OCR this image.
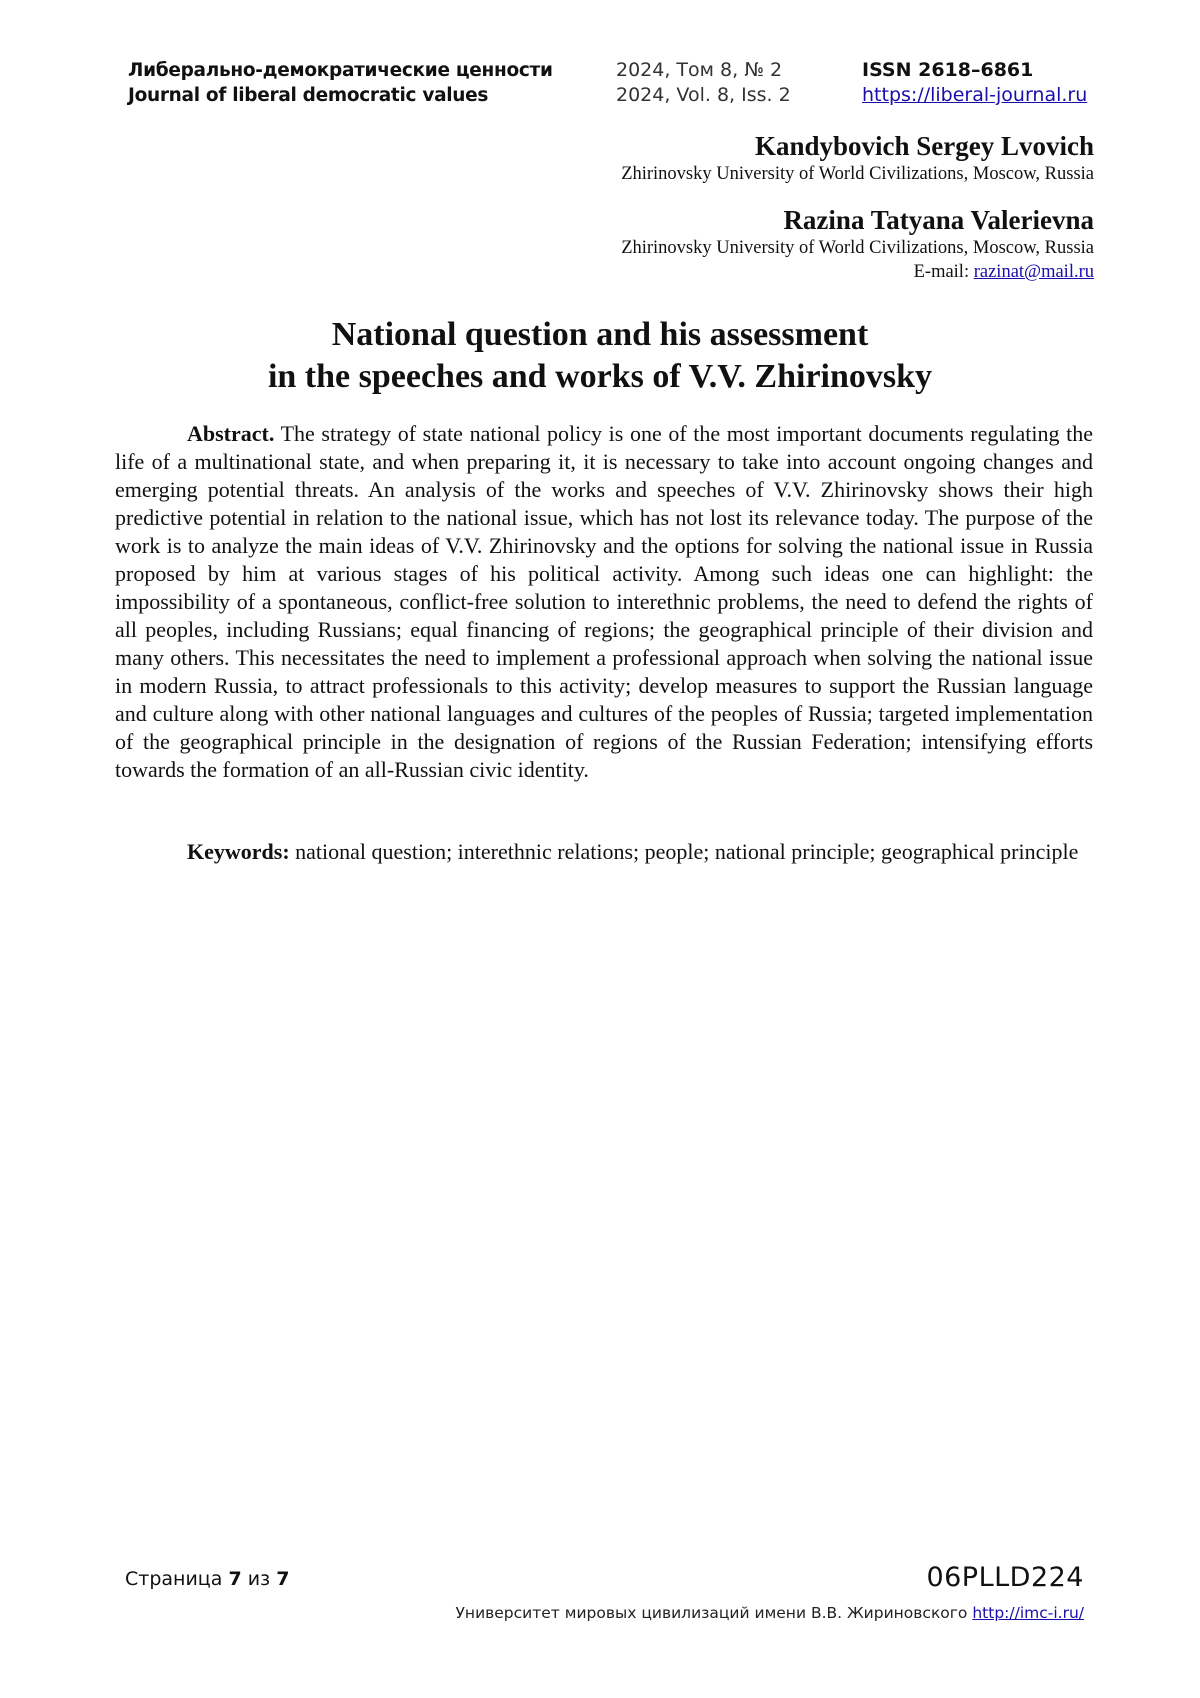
Либерально-демократические ценности
Journal of liberal democratic values
2024, Том 8, № 2
2024, Vol. 8, Iss. 2
ISSN 2618–6861
https://liberal-journal.ru
Kandybovich Sergey Lvovich
Zhirinovsky University of World Civilizations, Moscow, Russia
Razina Tatyana Valerievna
Zhirinovsky University of World Civilizations, Moscow, Russia
E-mail: razinat@mail.ru
National question and his assessment
in the speeches and works of V.V. Zhirinovsky
Abstract. The strategy of state national policy is one of the most important documents regulating the life of a multinational state, and when preparing it, it is necessary to take into account ongoing changes and emerging potential threats. An analysis of the works and speeches of V.V. Zhirinovsky shows their high predictive potential in relation to the national issue, which has not lost its relevance today. The purpose of the work is to analyze the main ideas of V.V. Zhirinovsky and the options for solving the national issue in Russia proposed by him at various stages of his political activity. Among such ideas one can highlight: the impossibility of a spontaneous, conflict-free solution to interethnic problems, the need to defend the rights of all peoples, including Russians; equal financing of regions; the geographical principle of their division and many others. This necessitates the need to implement a professional approach when solving the national issue in modern Russia, to attract professionals to this activity; develop measures to support the Russian language and culture along with other national languages and cultures of the peoples of Russia; targeted implementation of the geographical principle in the designation of regions of the Russian Federation; intensifying efforts towards the formation of an all-Russian civic identity.
Keywords: national question; interethnic relations; people; national principle; geographical principle
Страница 7 из 7	06PLLD224
Университет мировых цивилизаций имени В.В. Жириновского http://imc-i.ru/
